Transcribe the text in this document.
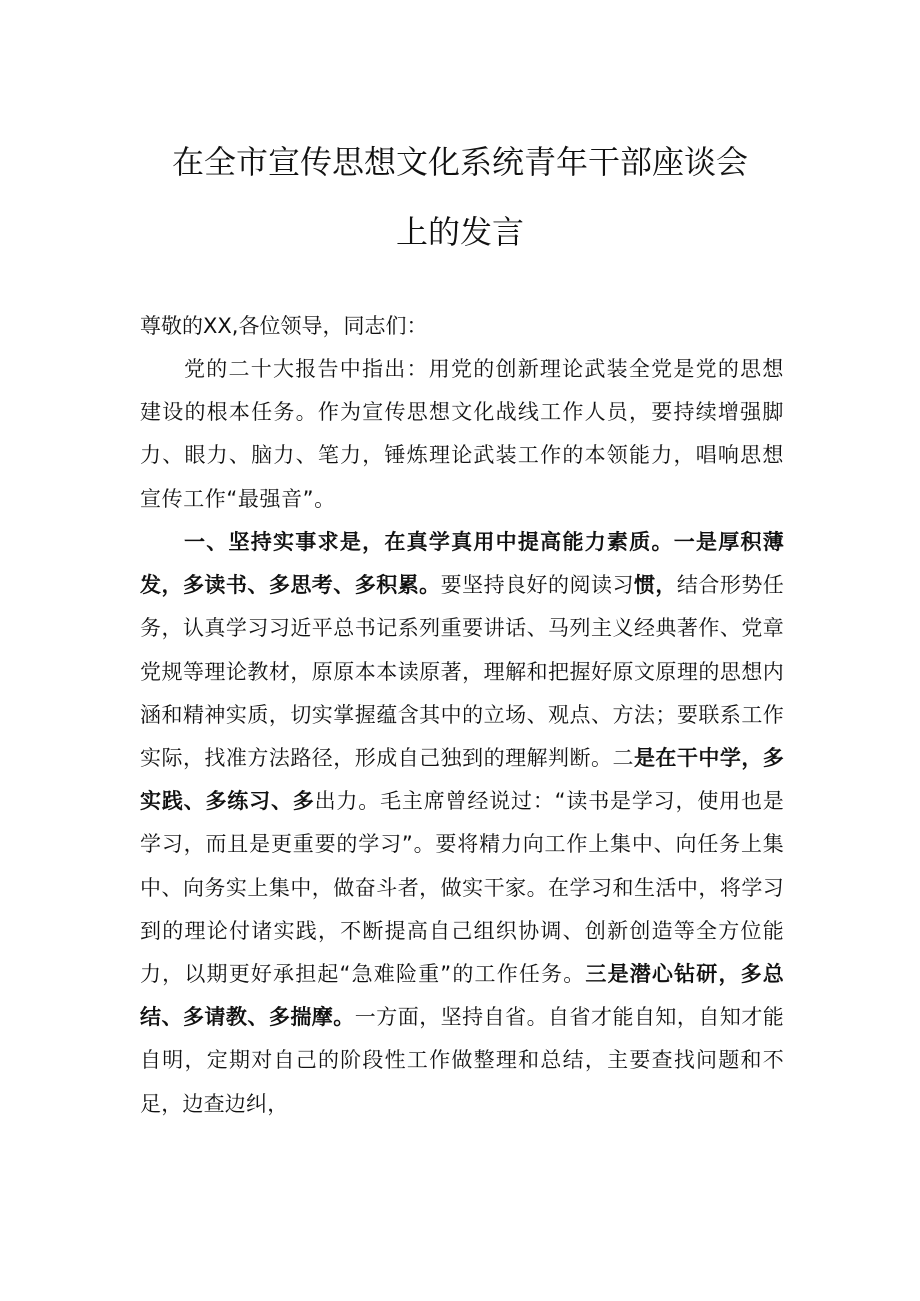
在全市宣传思想文化系统青年干部座谈会
上的发言

尊敬的XX,各位领导，同志们：

党的二十大报告中指出：用党的创新理论武装全党是党的思想建设的根本任务。作为宣传思想文化战线工作人员，要持续增强脚力、眼力、脑力、笔力，锤炼理论武装工作的本领能力，唱响思想宣传工作“最强音”。

一、坚持实事求是，在真学真用中提高能力素质。一是厚积薄发，多读书、多思考、多积累。要坚持良好的阅读习惯，结合形势任务，认真学习习近平总书记系列重要讲话、马列主义经典著作、党章党规等理论教材，原原本本读原著，理解和把握好原文原理的思想内涵和精神实质，切实掌握蕴含其中的立场、观点、方法；要联系工作实际，找准方法路径，形成自己独到的理解判断。二是在干中学，多实践、多练习、多出力。毛主席曾经说过：“读书是学习，使用也是学习，而且是更重要的学习”。要将精力向工作上集中、向任务上集中、向务实上集中，做奋斗者，做实干家。在学习和生活中，将学习到的理论付诸实践，不断提高自己组织协调、创新创造等全方位能力，以期更好承担起“急难险重”的工作任务。三是潜心钻研，多总结、多请教、多揣摩。一方面，坚持自省。自省才能自知，自知才能自明，定期对自己的阶段性工作做整理和总结，主要查找问题和不足，边查边纠，
